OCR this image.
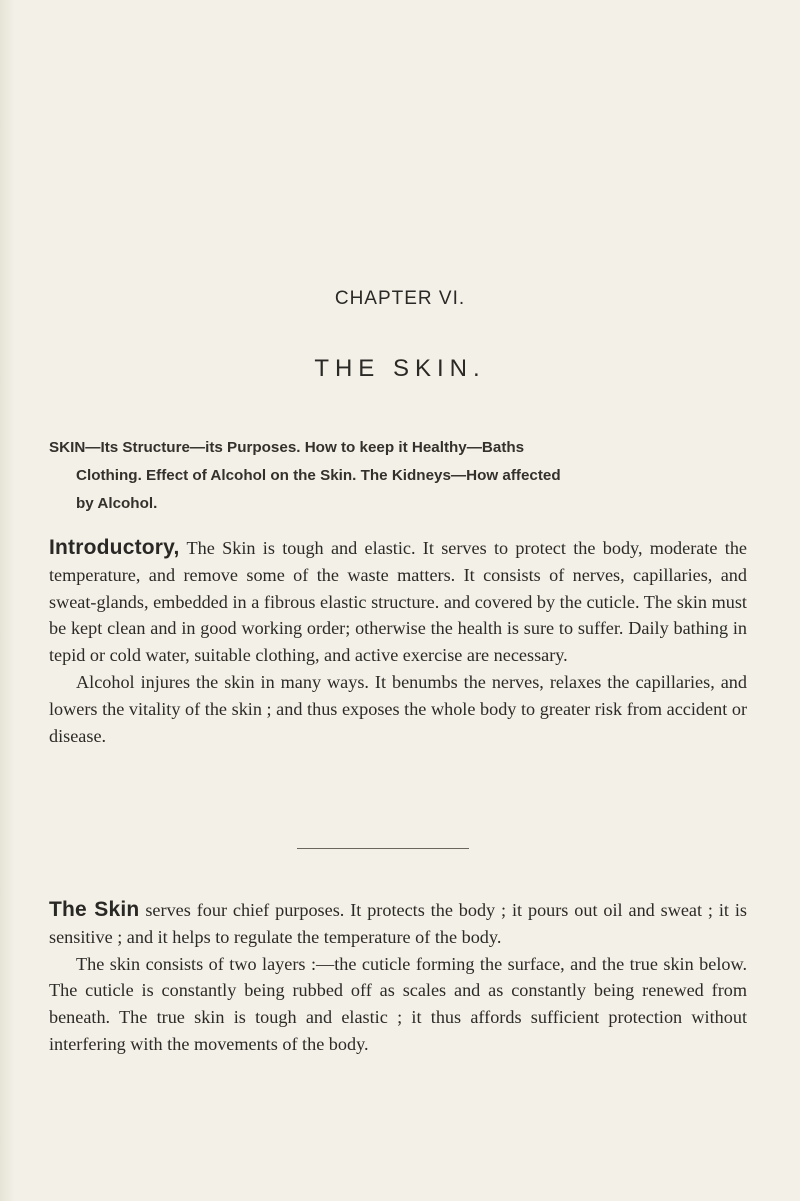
CHAPTER VI.
THE SKIN.
SKIN—Its Structure—its Purposes. How to keep it Healthy—Baths
Clothing. Effect of Alcohol on the Skin. The Kidneys—How affected
by Alcohol.

Introductory, The Skin is tough and elastic. It serves to protect the body, moderate the temperature, and remove some of the waste matters. It consists of nerves, capillaries, and sweat-glands, embedded in a fibrous elastic structure. and covered by the cuticle. The skin must be kept clean and in good working order; otherwise the health is sure to suffer. Daily bathing in tepid or cold water, suitable clothing, and active exercise are necessary.

Alcohol injures the skin in many ways. It benumbs the nerves, relaxes the capillaries, and lowers the vitality of the skin ; and thus exposes the whole body to greater risk from accident or disease.

The Skin serves four chief purposes. It protects the body ; it pours out oil and sweat ; it is sensitive ; and it helps to regulate the temperature of the body.

The skin consists of two layers :—the cuticle forming the surface, and the true skin below. The cuticle is constantly being rubbed off as scales and as constantly being renewed from beneath. The true skin is tough and elastic ; it thus affords sufficient protection without interfering with the movements of the body.
